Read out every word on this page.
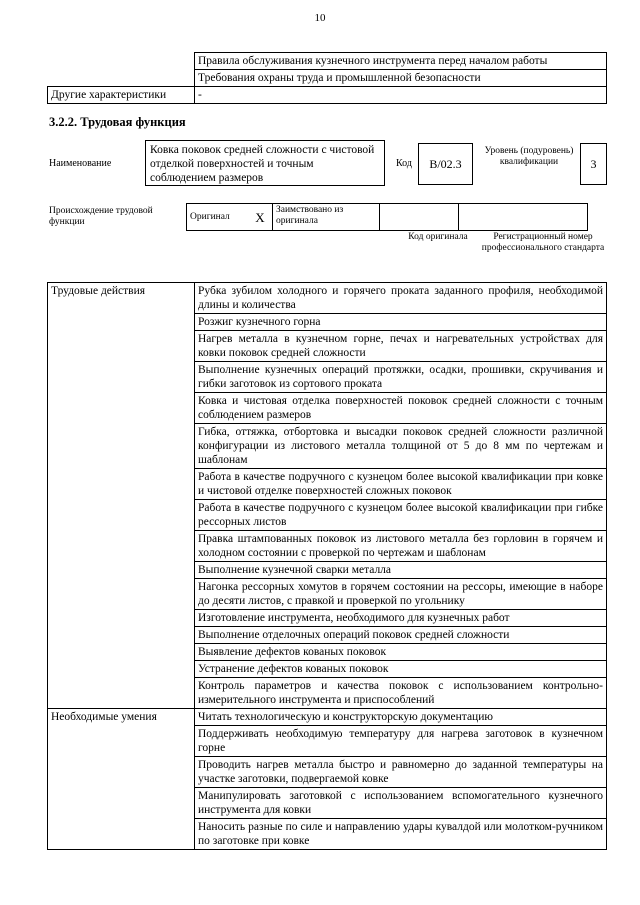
10
	Правила обслуживания кузнечного инструмента перед началом работы
	Требования охраны труда и промышленной безопасности
Другие характеристики	-
3.2.2. Трудовая функция
Наименование
Ковка поковок средней сложности с чистовой отделкой поверхностей и точным соблюдением размеров
Код	B/02.3
Уровень (подуровень) квалификации	3
Происхождение трудовой функции
Оригинал	X	Заимствовано из оригинала		
Код оригинала	Регистрационный номер профессионального стандарта
Трудовые действия	Рубка зубилом холодного и горячего проката заданного профиля, необходимой длины и количества
	Розжиг кузнечного горна
	Нагрев металла в кузнечном горне, печах и нагревательных устройствах для ковки поковок средней сложности
	Выполнение кузнечных операций протяжки, осадки, прошивки, скручивания и гибки заготовок из сортового проката
	Ковка и чистовая отделка поверхностей поковок средней сложности с точным соблюдением размеров
	Гибка, оттяжка, отбортовка и высадки поковок средней сложности различной конфигурации из листового металла толщиной от 5 до 8 мм по чертежам и шаблонам
	Работа в качестве подручного с кузнецом более высокой квалификации при ковке и чистовой отделке поверхностей сложных поковок
	Работа в качестве подручного с кузнецом более высокой квалификации при гибке рессорных листов
	Правка штампованных поковок из листового металла без горловин в горячем и холодном состоянии с проверкой по чертежам и шаблонам
	Выполнение кузнечной сварки металла
	Нагонка рессорных хомутов в горячем состоянии на рессоры, имеющие в наборе до десяти листов, с правкой и проверкой по угольнику
	Изготовление инструмента, необходимого для кузнечных работ
	Выполнение отделочных операций поковок средней сложности
	Выявление дефектов кованых поковок
	Устранение дефектов кованых поковок
	Контроль параметров и качества поковок с использованием контрольно-измерительного инструмента и приспособлений
Необходимые умения	Читать технологическую и конструкторскую документацию
	Поддерживать необходимую температуру для нагрева заготовок в кузнечном горне
	Проводить нагрев металла быстро и равномерно до заданной температуры на участке заготовки, подвергаемой ковке
	Манипулировать заготовкой с использованием вспомогательного кузнечного инструмента для ковки
	Наносить разные по силе и направлению удары кувалдой или молотком-ручником по заготовке при ковке
